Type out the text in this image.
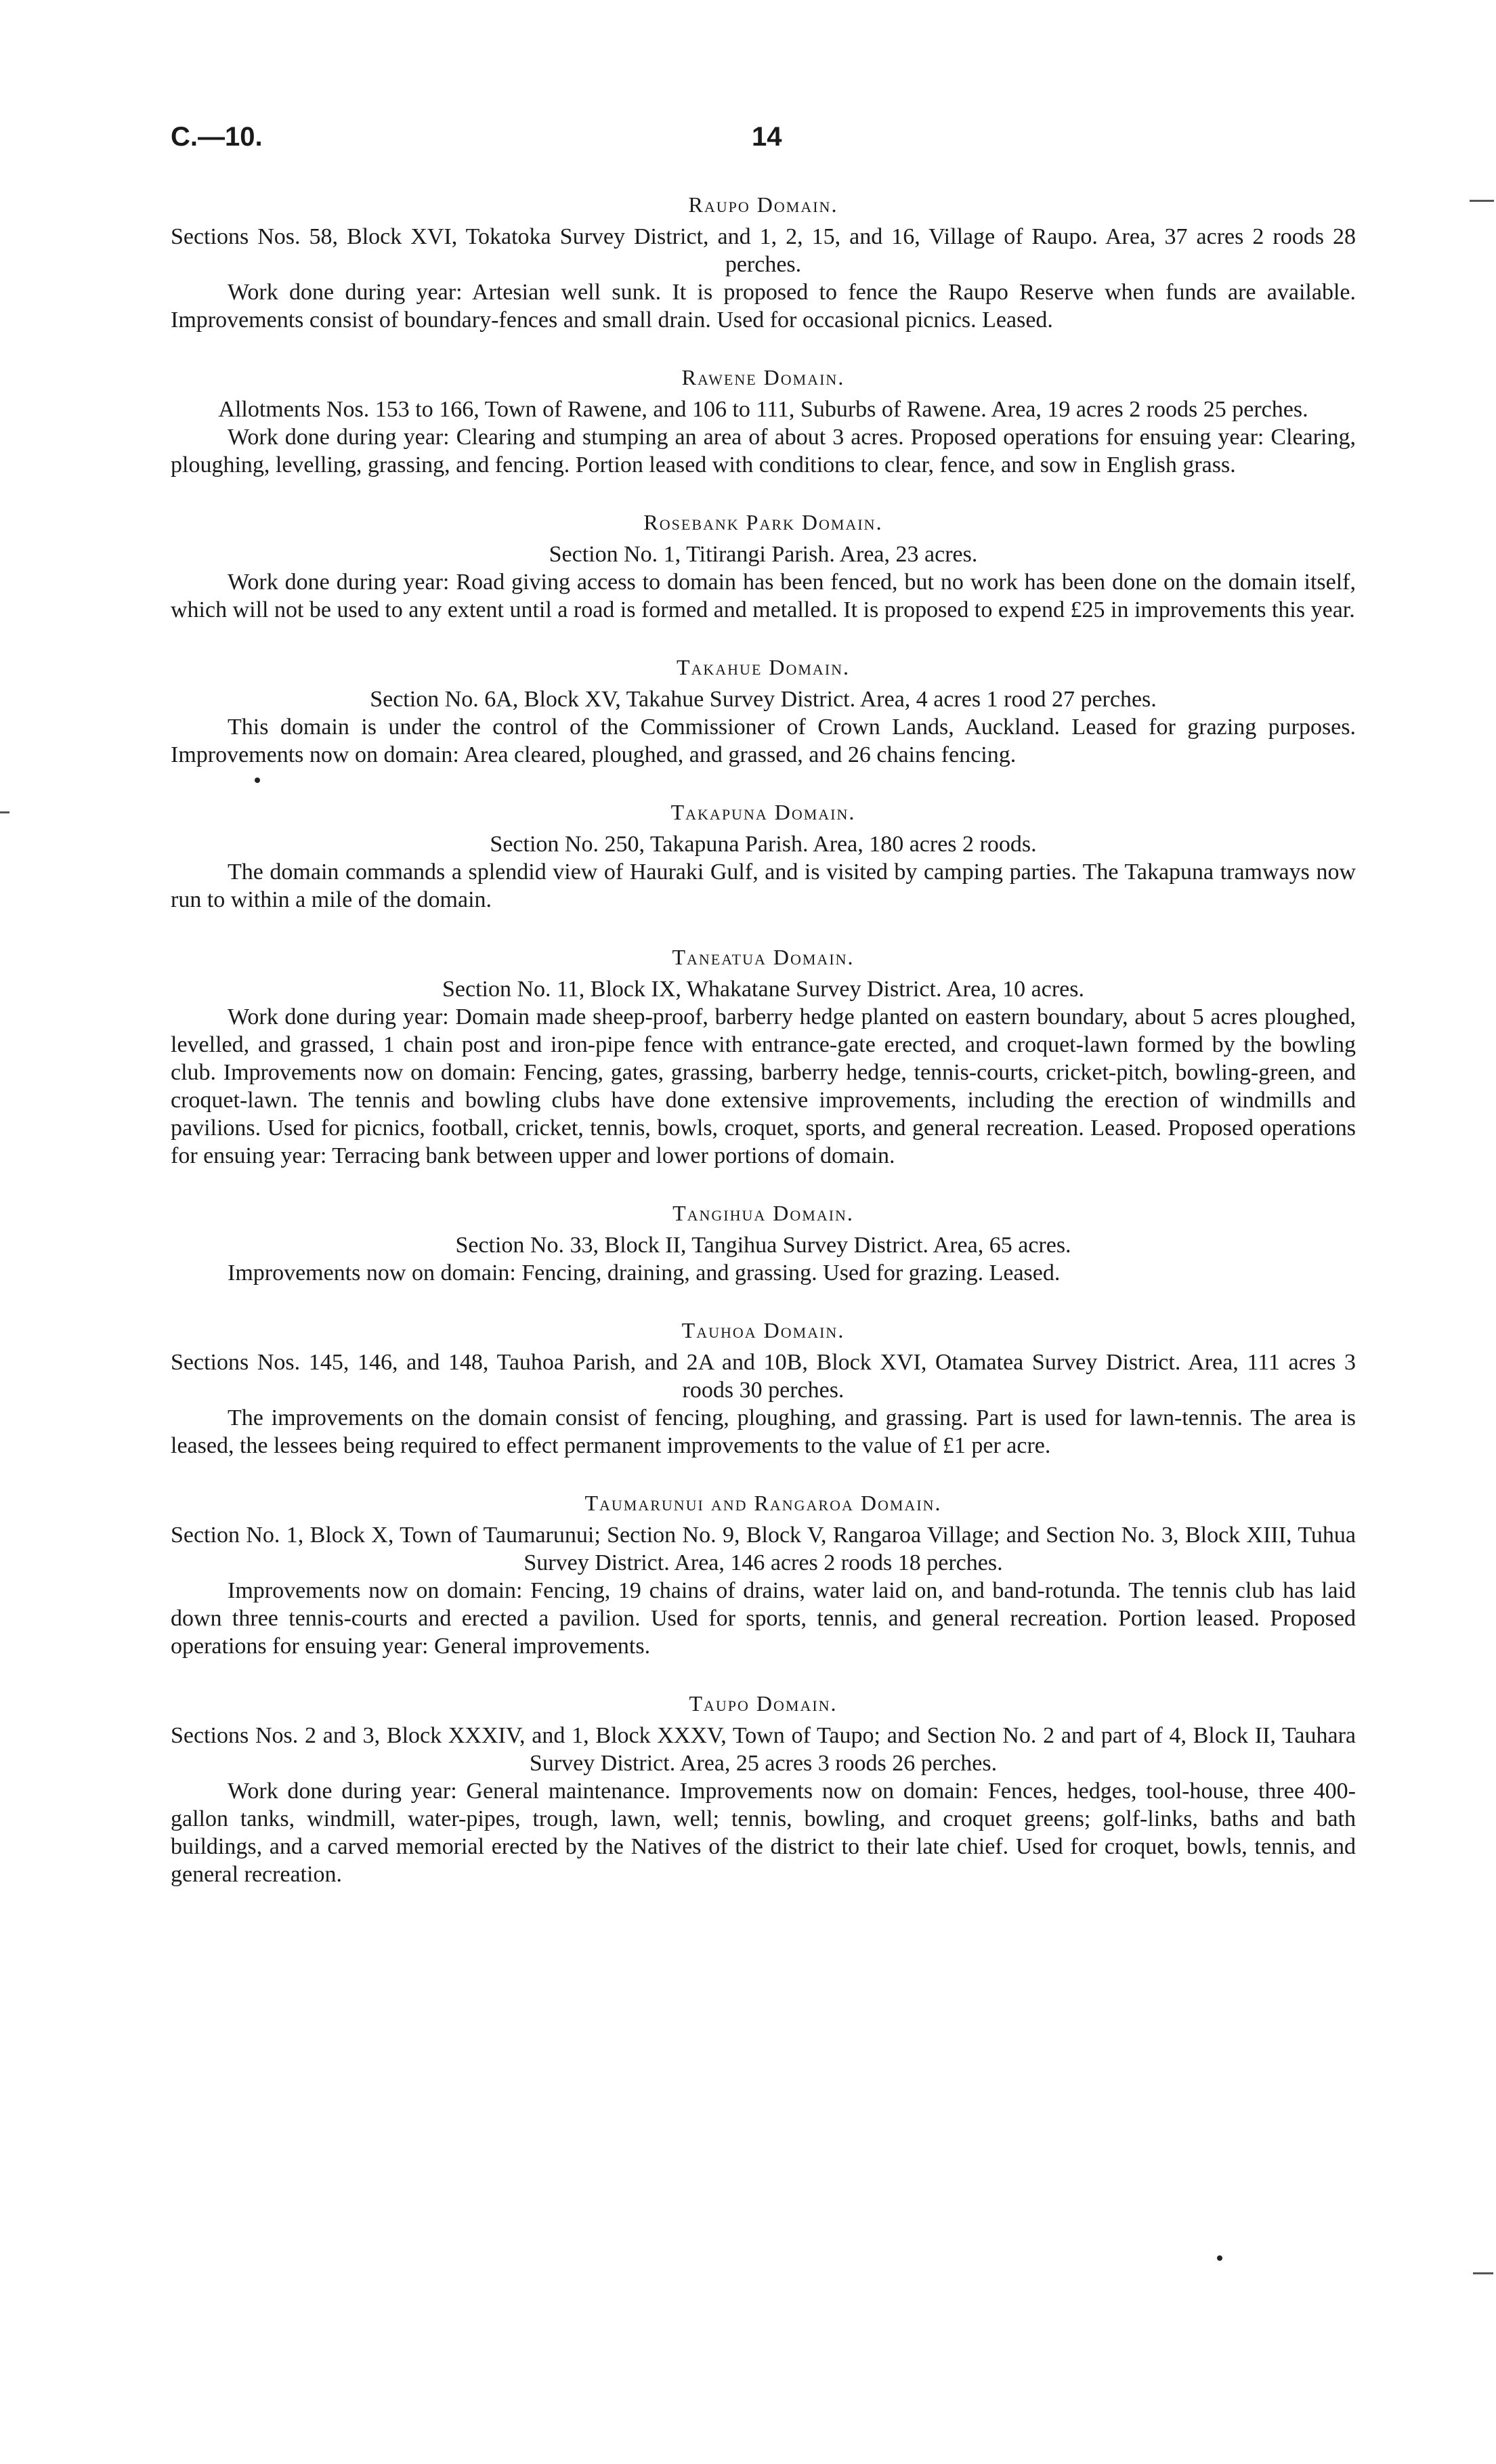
C.—10.	14
Raupo Domain.
Sections Nos. 58, Block XVI, Tokatoka Survey District, and 1, 2, 15, and 16, Village of Raupo. Area, 37 acres 2 roods 28 perches.
Work done during year: Artesian well sunk. It is proposed to fence the Raupo Reserve when funds are available. Improvements consist of boundary-fences and small drain. Used for occasional picnics. Leased.
Rawene Domain.
Allotments Nos. 153 to 166, Town of Rawene, and 106 to 111, Suburbs of Rawene. Area, 19 acres 2 roods 25 perches.
Work done during year: Clearing and stumping an area of about 3 acres. Proposed operations for ensuing year: Clearing, ploughing, levelling, grassing, and fencing. Portion leased with conditions to clear, fence, and sow in English grass.
Rosebank Park Domain.
Section No. 1, Titirangi Parish. Area, 23 acres.
Work done during year: Road giving access to domain has been fenced, but no work has been done on the domain itself, which will not be used to any extent until a road is formed and metalled. It is proposed to expend £25 in improvements this year.
Takahue Domain.
Section No. 6A, Block XV, Takahue Survey District. Area, 4 acres 1 rood 27 perches.
This domain is under the control of the Commissioner of Crown Lands, Auckland. Leased for grazing purposes. Improvements now on domain: Area cleared, ploughed, and grassed, and 26 chains fencing.
Takapuna Domain.
Section No. 250, Takapuna Parish. Area, 180 acres 2 roods.
The domain commands a splendid view of Hauraki Gulf, and is visited by camping parties. The Takapuna tramways now run to within a mile of the domain.
Taneatua Domain.
Section No. 11, Block IX, Whakatane Survey District. Area, 10 acres.
Work done during year: Domain made sheep-proof, barberry hedge planted on eastern boundary, about 5 acres ploughed, levelled, and grassed, 1 chain post and iron-pipe fence with entrance-gate erected, and croquet-lawn formed by the bowling club. Improvements now on domain: Fencing, gates, grassing, barberry hedge, tennis-courts, cricket-pitch, bowling-green, and croquet-lawn. The tennis and bowling clubs have done extensive improvements, including the erection of windmills and pavilions. Used for picnics, football, cricket, tennis, bowls, croquet, sports, and general recreation. Leased. Proposed operations for ensuing year: Terracing bank between upper and lower portions of domain.
Tangihua Domain.
Section No. 33, Block II, Tangihua Survey District. Area, 65 acres.
Improvements now on domain: Fencing, draining, and grassing. Used for grazing. Leased.
Tauhoa Domain.
Sections Nos. 145, 146, and 148, Tauhoa Parish, and 2A and 10B, Block XVI, Otamatea Survey District. Area, 111 acres 3 roods 30 perches.
The improvements on the domain consist of fencing, ploughing, and grassing. Part is used for lawn-tennis. The area is leased, the lessees being required to effect permanent improvements to the value of £1 per acre.
Taumarunui and Rangaroa Domain.
Section No. 1, Block X, Town of Taumarunui; Section No. 9, Block V, Rangaroa Village; and Section No. 3, Block XIII, Tuhua Survey District. Area, 146 acres 2 roods 18 perches.
Improvements now on domain: Fencing, 19 chains of drains, water laid on, and band-rotunda. The tennis club has laid down three tennis-courts and erected a pavilion. Used for sports, tennis, and general recreation. Portion leased. Proposed operations for ensuing year: General improvements.
Taupo Domain.
Sections Nos. 2 and 3, Block XXXIV, and 1, Block XXXV, Town of Taupo; and Section No. 2 and part of 4, Block II, Tauhara Survey District. Area, 25 acres 3 roods 26 perches.
Work done during year: General maintenance. Improvements now on domain: Fences, hedges, tool-house, three 400-gallon tanks, windmill, water-pipes, trough, lawn, well; tennis, bowling, and croquet greens; golf-links, baths and bath buildings, and a carved memorial erected by the Natives of the district to their late chief. Used for croquet, bowls, tennis, and general recreation.
